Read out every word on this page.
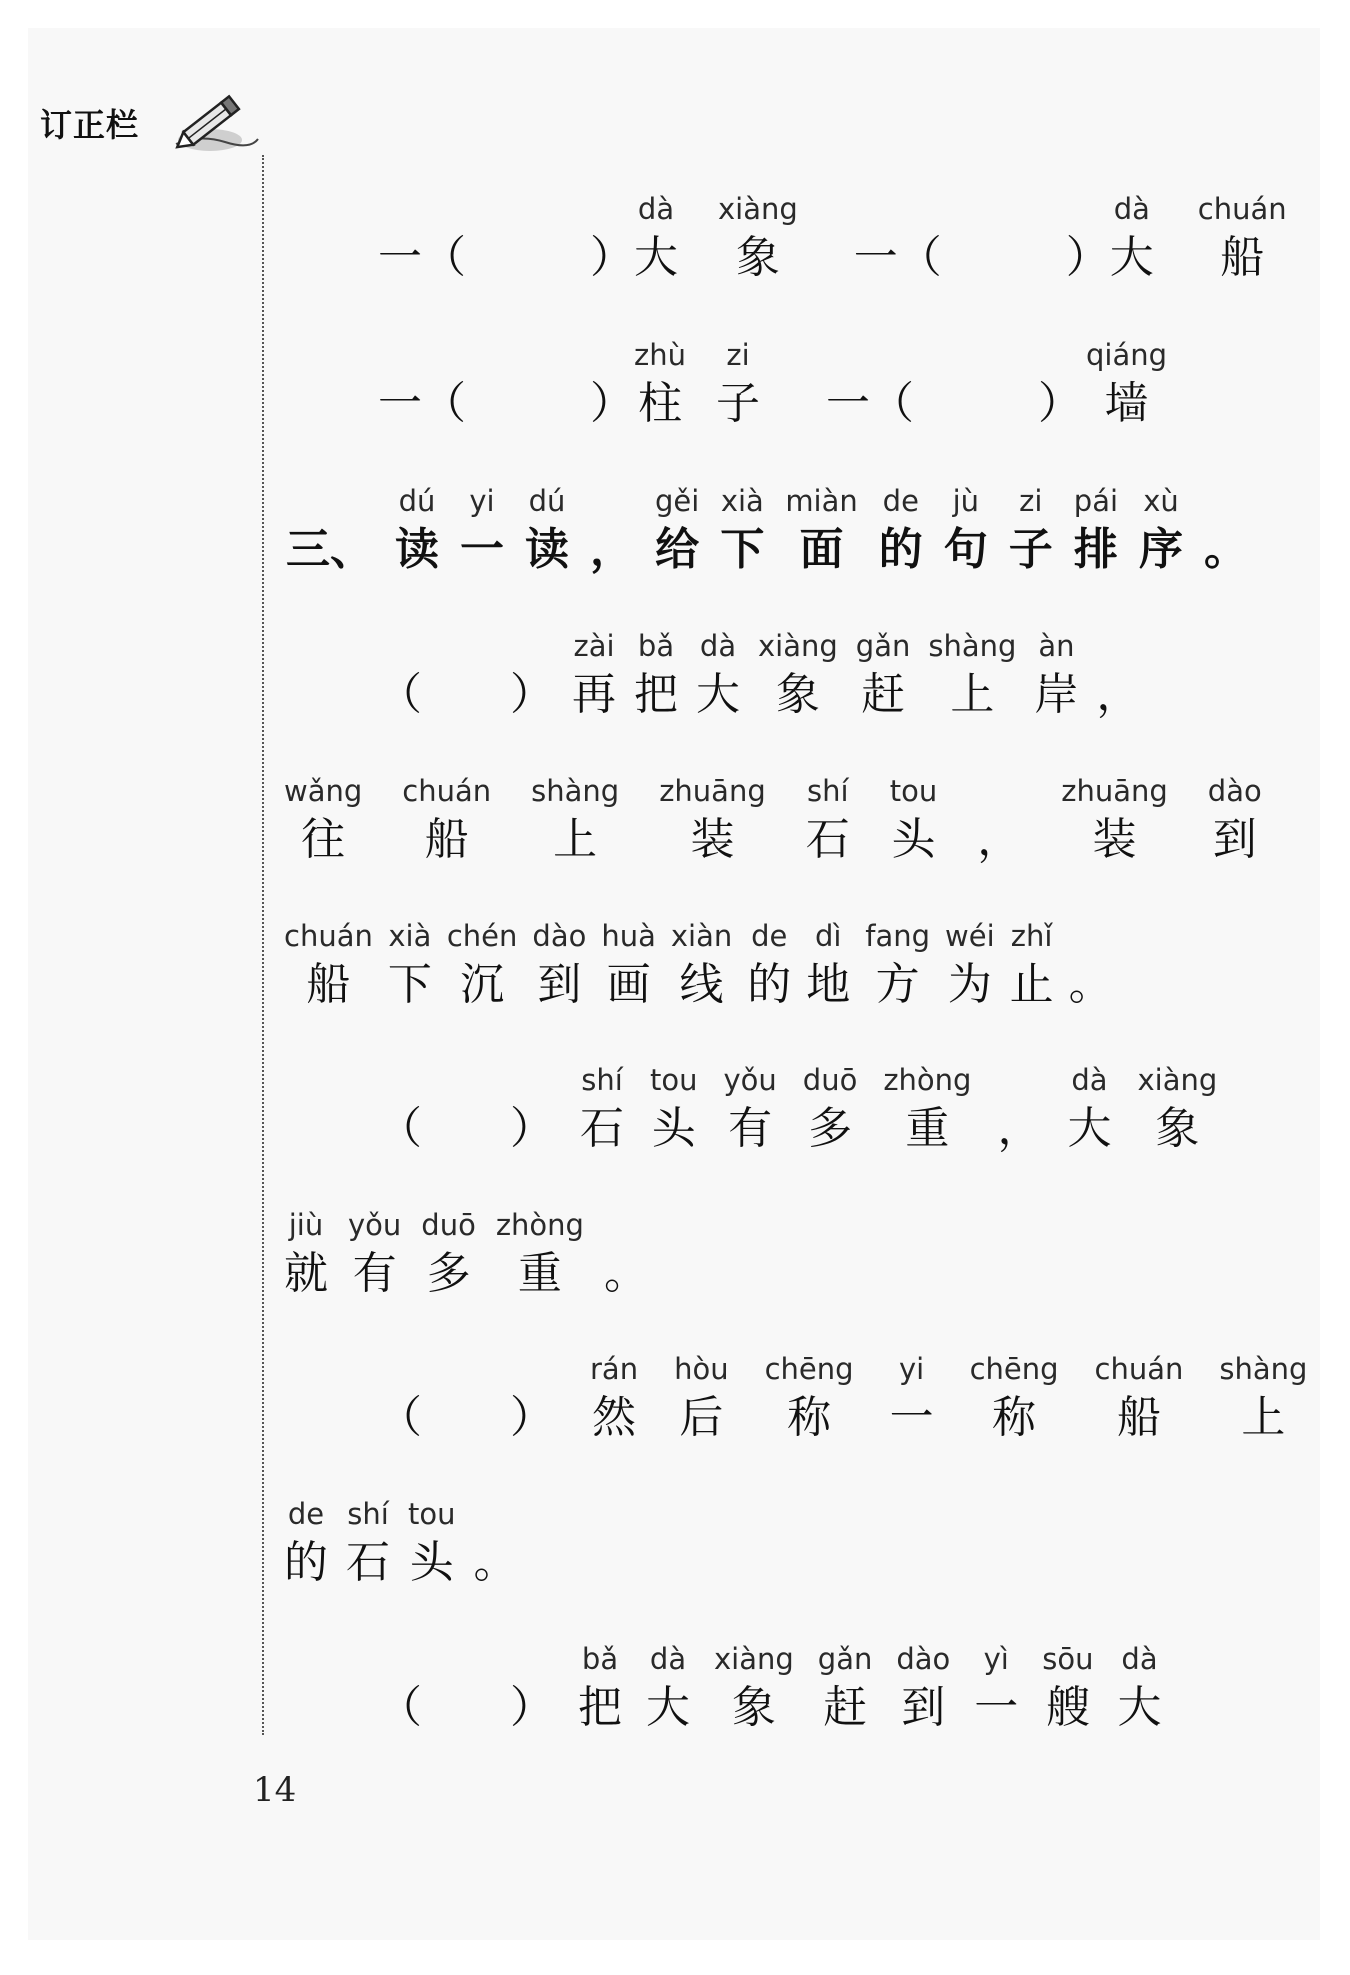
订正栏
一（	）
dà
大
xiàng
象 一（	）
dà
大
chuán
船
一（	）
zhù
柱
zi
子 一（	）
qiáng
墙
三、
dú
读
yi
一
dú
读 ，
gěi
给
xià
下
miàn
面
de
的
jù
句
zi
子
pái
排
xù
序 。
（　　）
zài
再
bǎ
把
dà
大
xiàng
象
gǎn
赶
shàng
上
àn
岸 ，
wǎng
往
chuán
船
shàng
上
zhuāng
装
shí
石
tou
头 ，
zhuāng
装
dào
到
chuán
船
xià
下
chén
沉
dào
到
huà
画
xiàn
线
de
的
dì
地
fang
方
wéi
为
zhǐ
止 。
（　　）
shí
石
tou
头
yǒu
有
duō
多
zhòng
重 ，
dà
大
xiàng
象
jiù
就
yǒu
有
duō
多
zhòng
重 。
（　　）
rán
然
hòu
后
chēng
称
yi
一
chēng
称
chuán
船
shàng
上
de
的
shí
石
tou
头 。
（　　）
bǎ
把
dà
大
xiàng
象
gǎn
赶
dào
到
yì
一
sōu
艘
dà
大
14
